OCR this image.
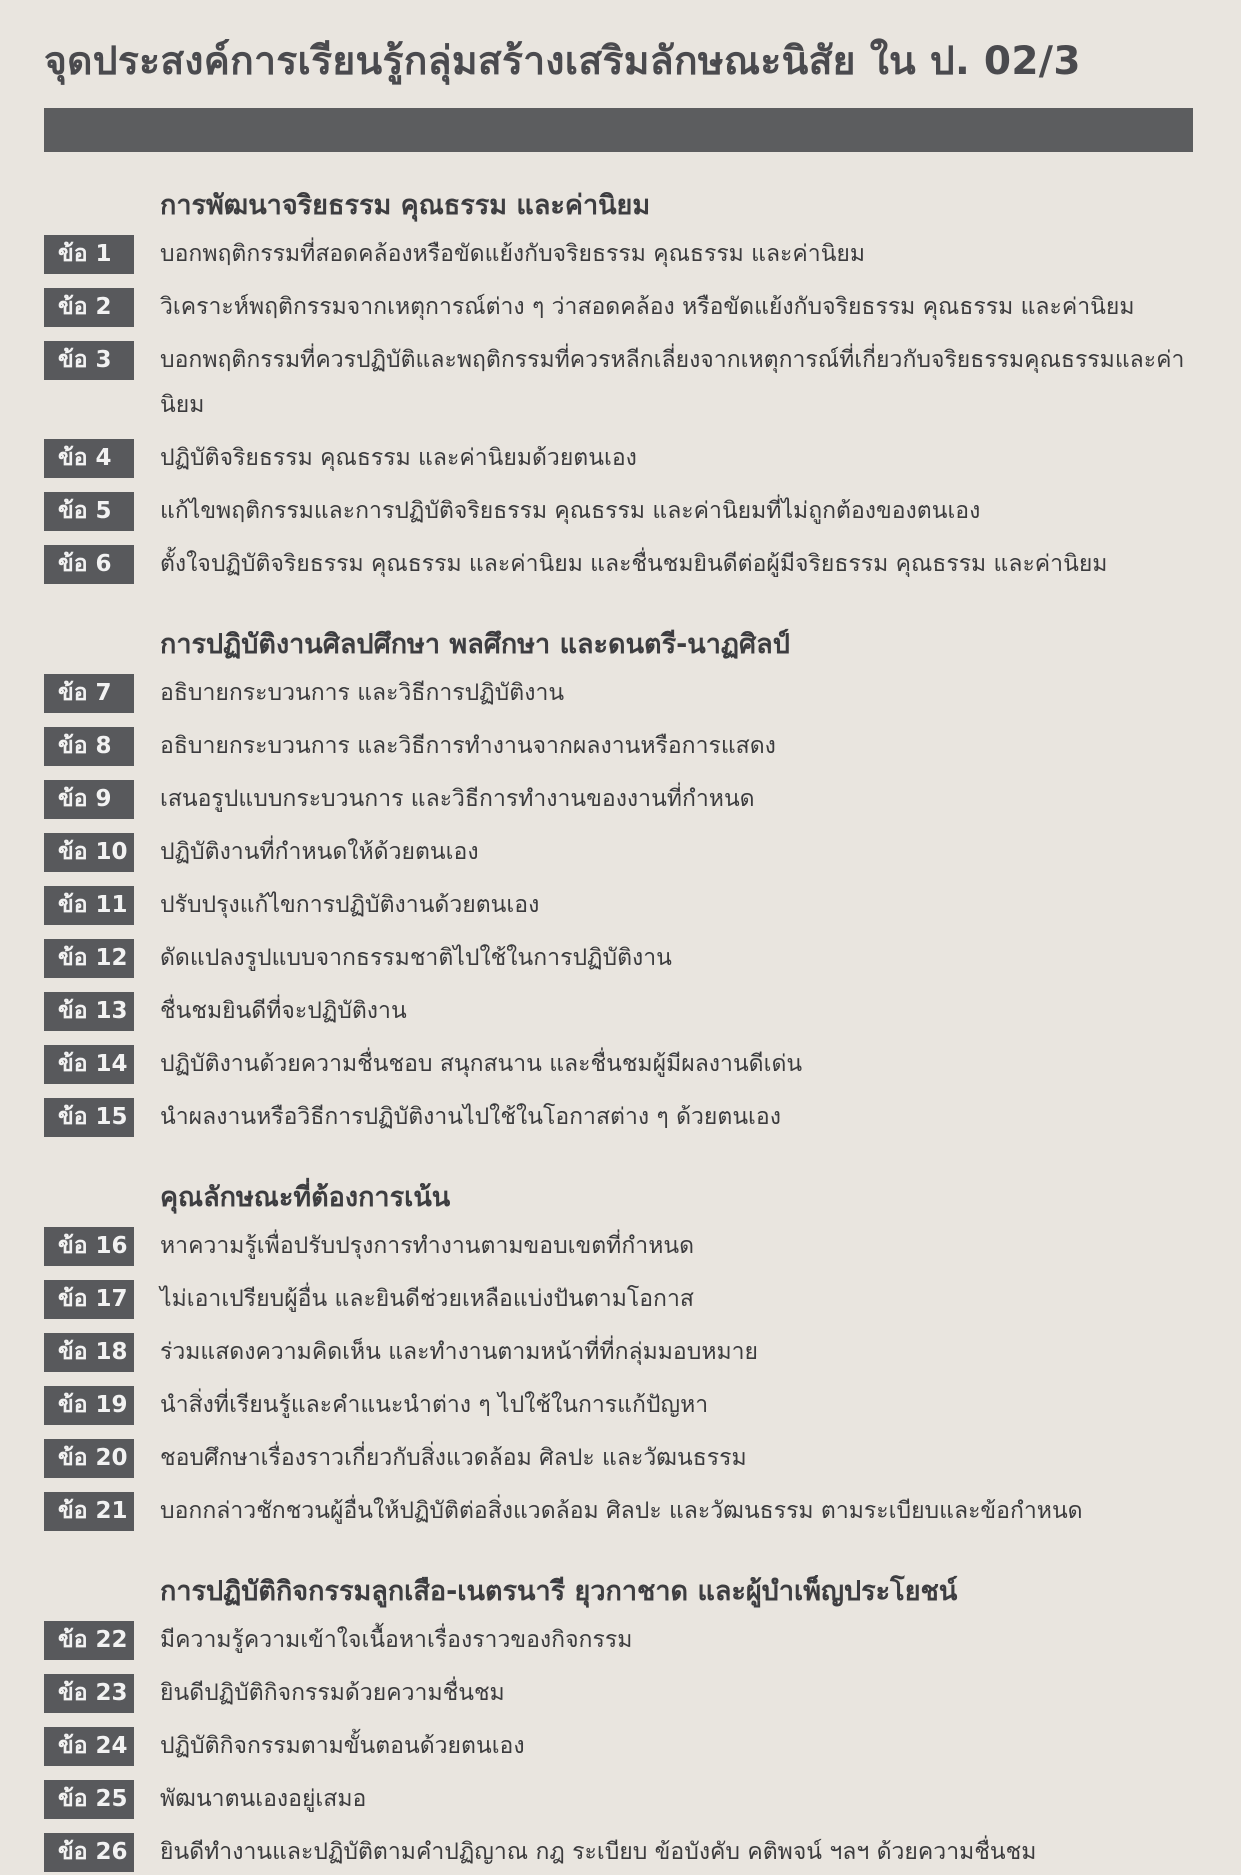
จุดประสงค์การเรียนรู้กลุ่มสร้างเสริมลักษณะนิสัย ใน ป. 02/3
การพัฒนาจริยธรรม คุณธรรม และค่านิยม
ข้อ 1	บอกพฤติกรรมที่สอดคล้องหรือขัดแย้งกับจริยธรรม คุณธรรม และค่านิยม
ข้อ 2	วิเคราะห์พฤติกรรมจากเหตุการณ์ต่าง ๆ ว่าสอดคล้อง หรือขัดแย้งกับจริยธรรม คุณธรรม และค่านิยม
ข้อ 3	บอกพฤติกรรมที่ควรปฏิบัติและพฤติกรรมที่ควรหลีกเลี่ยงจากเหตุการณ์ที่เกี่ยวกับจริยธรรมคุณธรรมและค่านิยม
ข้อ 4	ปฏิบัติจริยธรรม คุณธรรม และค่านิยมด้วยตนเอง
ข้อ 5	แก้ไขพฤติกรรมและการปฏิบัติจริยธรรม คุณธรรม และค่านิยมที่ไม่ถูกต้องของตนเอง
ข้อ 6	ตั้งใจปฏิบัติจริยธรรม คุณธรรม และค่านิยม และชื่นชมยินดีต่อผู้มีจริยธรรม คุณธรรม และค่านิยม
การปฏิบัติงานศิลปศึกษา พลศึกษา และดนตรี-นาฏศิลป์
ข้อ 7	อธิบายกระบวนการ และวิธีการปฏิบัติงาน
ข้อ 8	อธิบายกระบวนการ และวิธีการทำงานจากผลงานหรือการแสดง
ข้อ 9	เสนอรูปแบบกระบวนการ และวิธีการทำงานของงานที่กำหนด
ข้อ 10 ปฏิบัติงานที่กำหนดให้ด้วยตนเอง
ข้อ 11 ปรับปรุงแก้ไขการปฏิบัติงานด้วยตนเอง
ข้อ 12 ดัดแปลงรูปแบบจากธรรมชาติไปใช้ในการปฏิบัติงาน
ข้อ 13 ชื่นชมยินดีที่จะปฏิบัติงาน
ข้อ 14 ปฏิบัติงานด้วยความชื่นชอบ สนุกสนาน และชื่นชมผู้มีผลงานดีเด่น
ข้อ 15 นำผลงานหรือวิธีการปฏิบัติงานไปใช้ในโอกาสต่าง ๆ ด้วยตนเอง
คุณลักษณะที่ต้องการเน้น
ข้อ 16 หาความรู้เพื่อปรับปรุงการทำงานตามขอบเขตที่กำหนด
ข้อ 17 ไม่เอาเปรียบผู้อื่น และยินดีช่วยเหลือแบ่งปันตามโอกาส
ข้อ 18 ร่วมแสดงความคิดเห็น และทำงานตามหน้าที่ที่กลุ่มมอบหมาย
ข้อ 19 นำสิ่งที่เรียนรู้และคำแนะนำต่าง ๆ ไปใช้ในการแก้ปัญหา
ข้อ 20 ชอบศึกษาเรื่องราวเกี่ยวกับสิ่งแวดล้อม ศิลปะ และวัฒนธรรม
ข้อ 21 บอกกล่าวชักชวนผู้อื่นให้ปฏิบัติต่อสิ่งแวดล้อม ศิลปะ และวัฒนธรรม ตามระเบียบและข้อกำหนด
การปฏิบัติกิจกรรมลูกเสือ-เนตรนารี ยุวกาชาด และผู้บำเพ็ญประโยชน์
ข้อ 22 มีความรู้ความเข้าใจเนื้อหาเรื่องราวของกิจกรรม
ข้อ 23 ยินดีปฏิบัติกิจกรรมด้วยความชื่นชม
ข้อ 24 ปฏิบัติกิจกรรมตามขั้นตอนด้วยตนเอง
ข้อ 25 พัฒนาตนเองอยู่เสมอ
ข้อ 26 ยินดีทำงานและปฏิบัติตามคำปฏิญาณ กฎ ระเบียบ ข้อบังคับ คติพจน์ ฯลฯ ด้วยความชื่นชม
